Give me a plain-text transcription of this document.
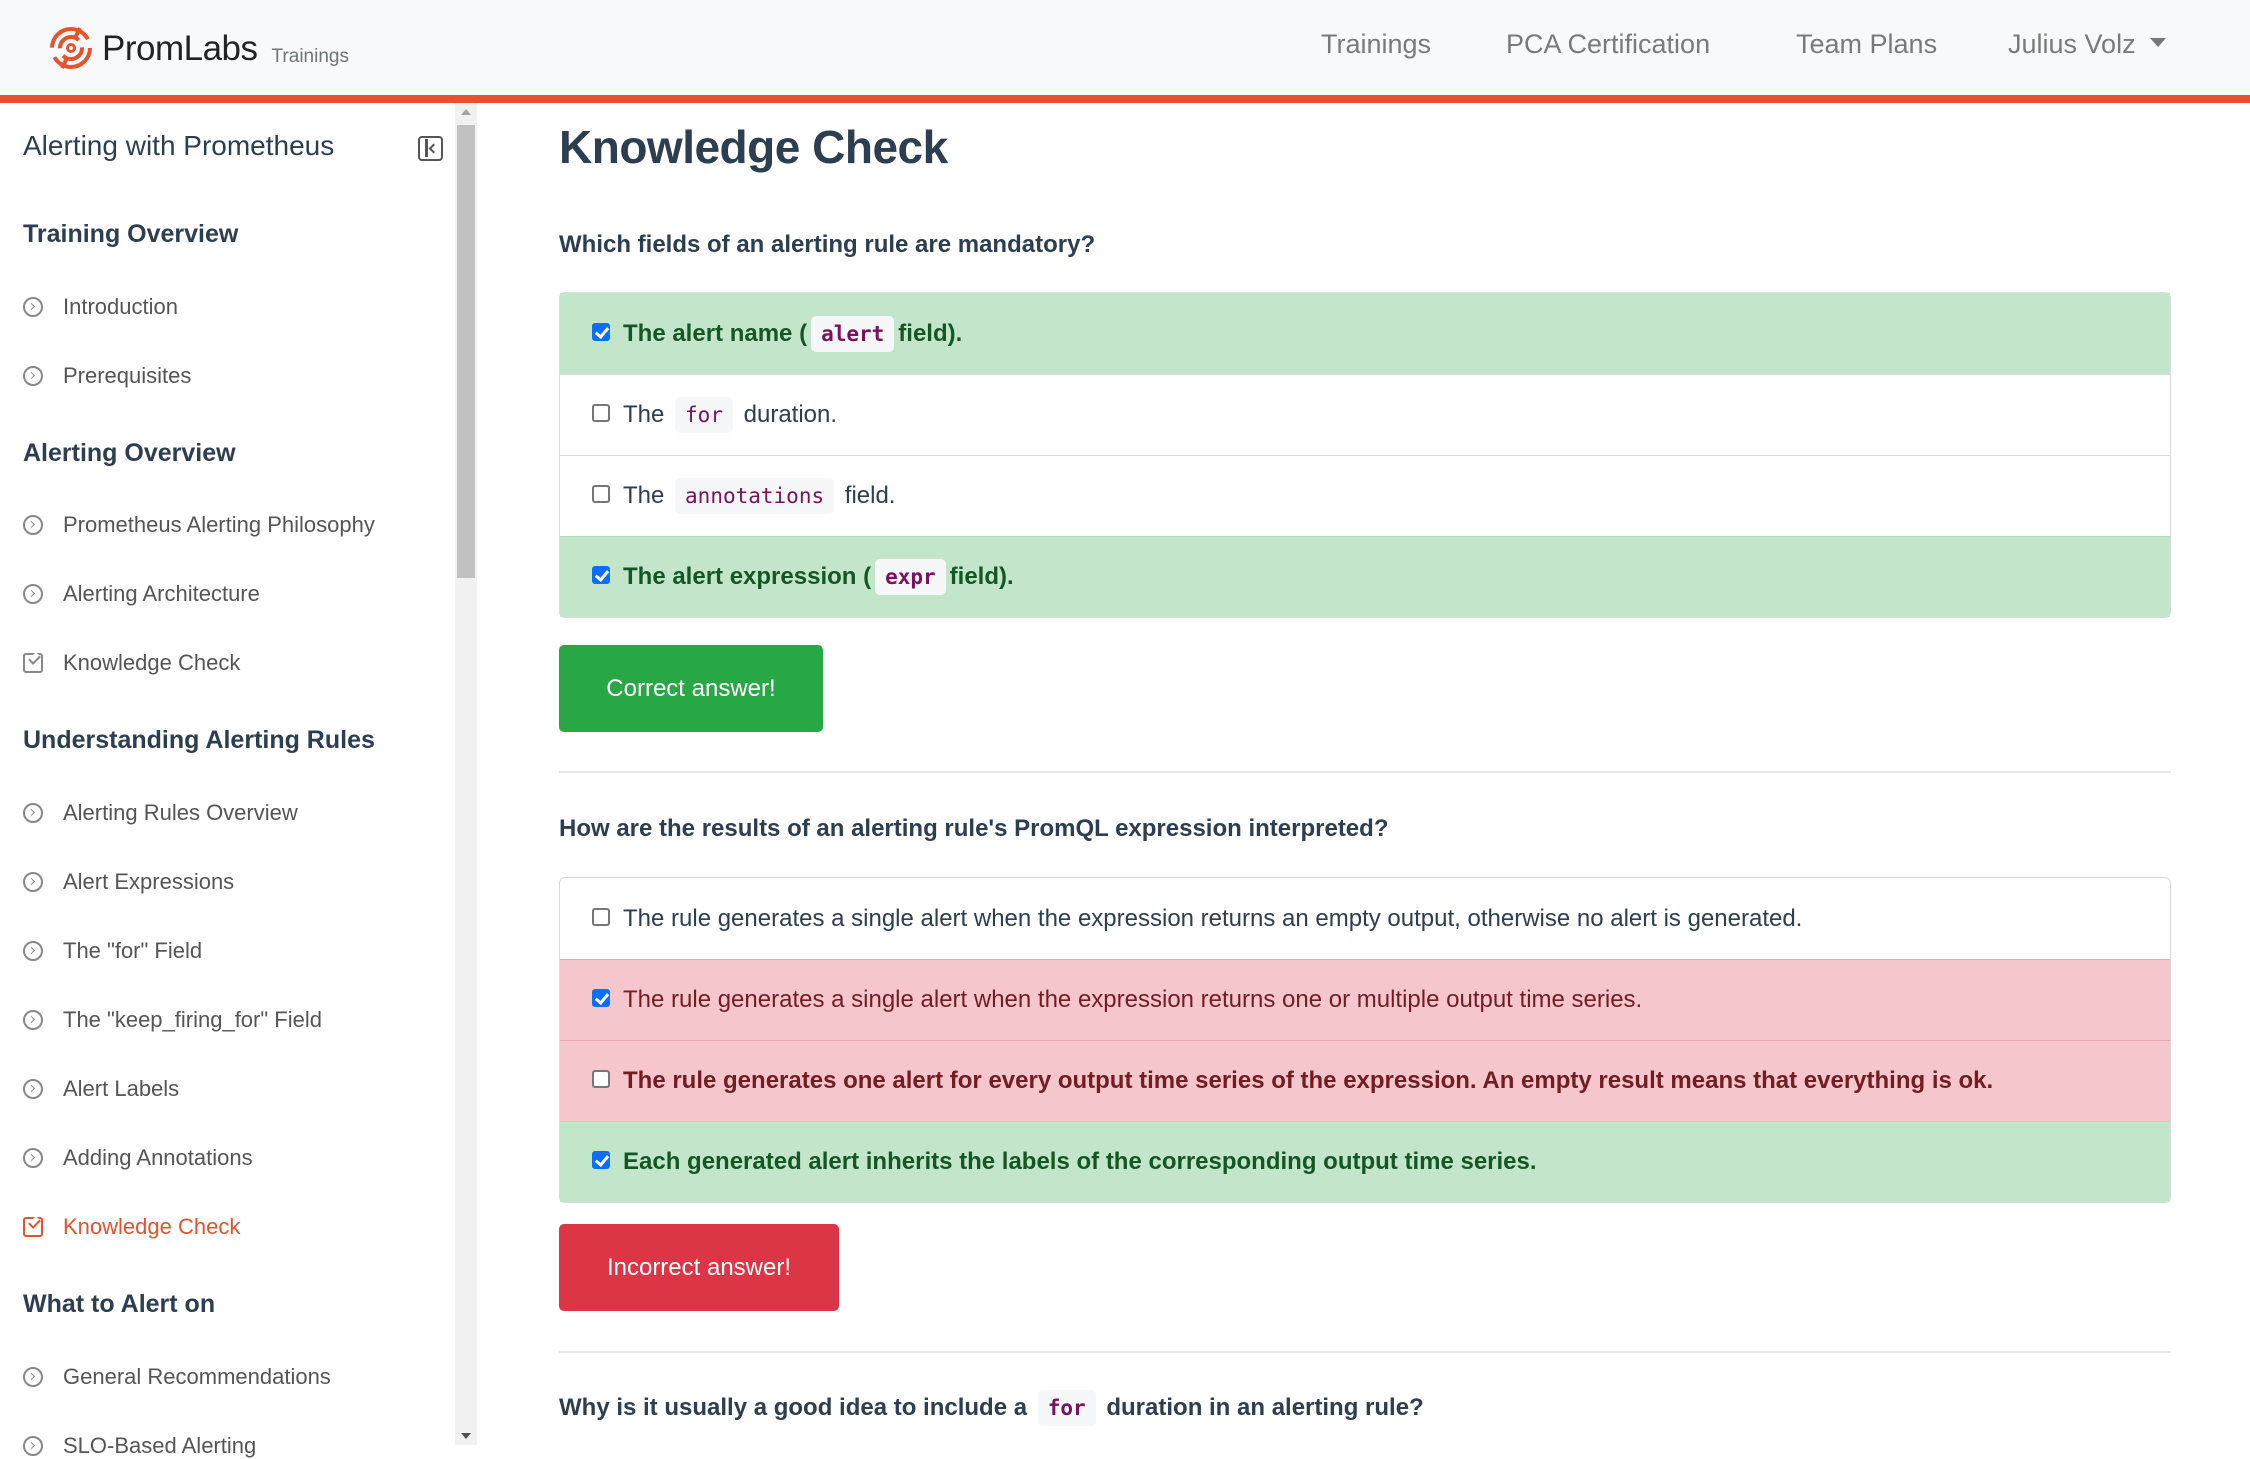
PromLabs Trainings	Trainings	PCA Certification	Team Plans	Julius Volz
Alerting with Prometheus
Training Overview
Introduction
Prerequisites
Alerting Overview
Prometheus Alerting Philosophy
Alerting Architecture
Knowledge Check
Understanding Alerting Rules
Alerting Rules Overview
Alert Expressions
The "for" Field
The "keep_firing_for" Field
Alert Labels
Adding Annotations
Knowledge Check
What to Alert on
General Recommendations
SLO-Based Alerting
Knowledge Check
Which fields of an alerting rule are mandatory?
The alert name ( alert field).
The
for
duration.
The
annotations
field.
The alert expression ( expr field).
Correct answer!
How are the results of an alerting rule's PromQL expression interpreted?
The rule generates a single alert when the expression returns an empty output, otherwise no alert is generated.
The rule generates a single alert when the expression returns one or multiple output time series.
The rule generates one alert for every output time series of the expression. An empty result means that everything is ok.
Each generated alert inherits the labels of the corresponding output time series.
Incorrect answer!
Why is it usually a good idea to include a for duration in an alerting rule?
